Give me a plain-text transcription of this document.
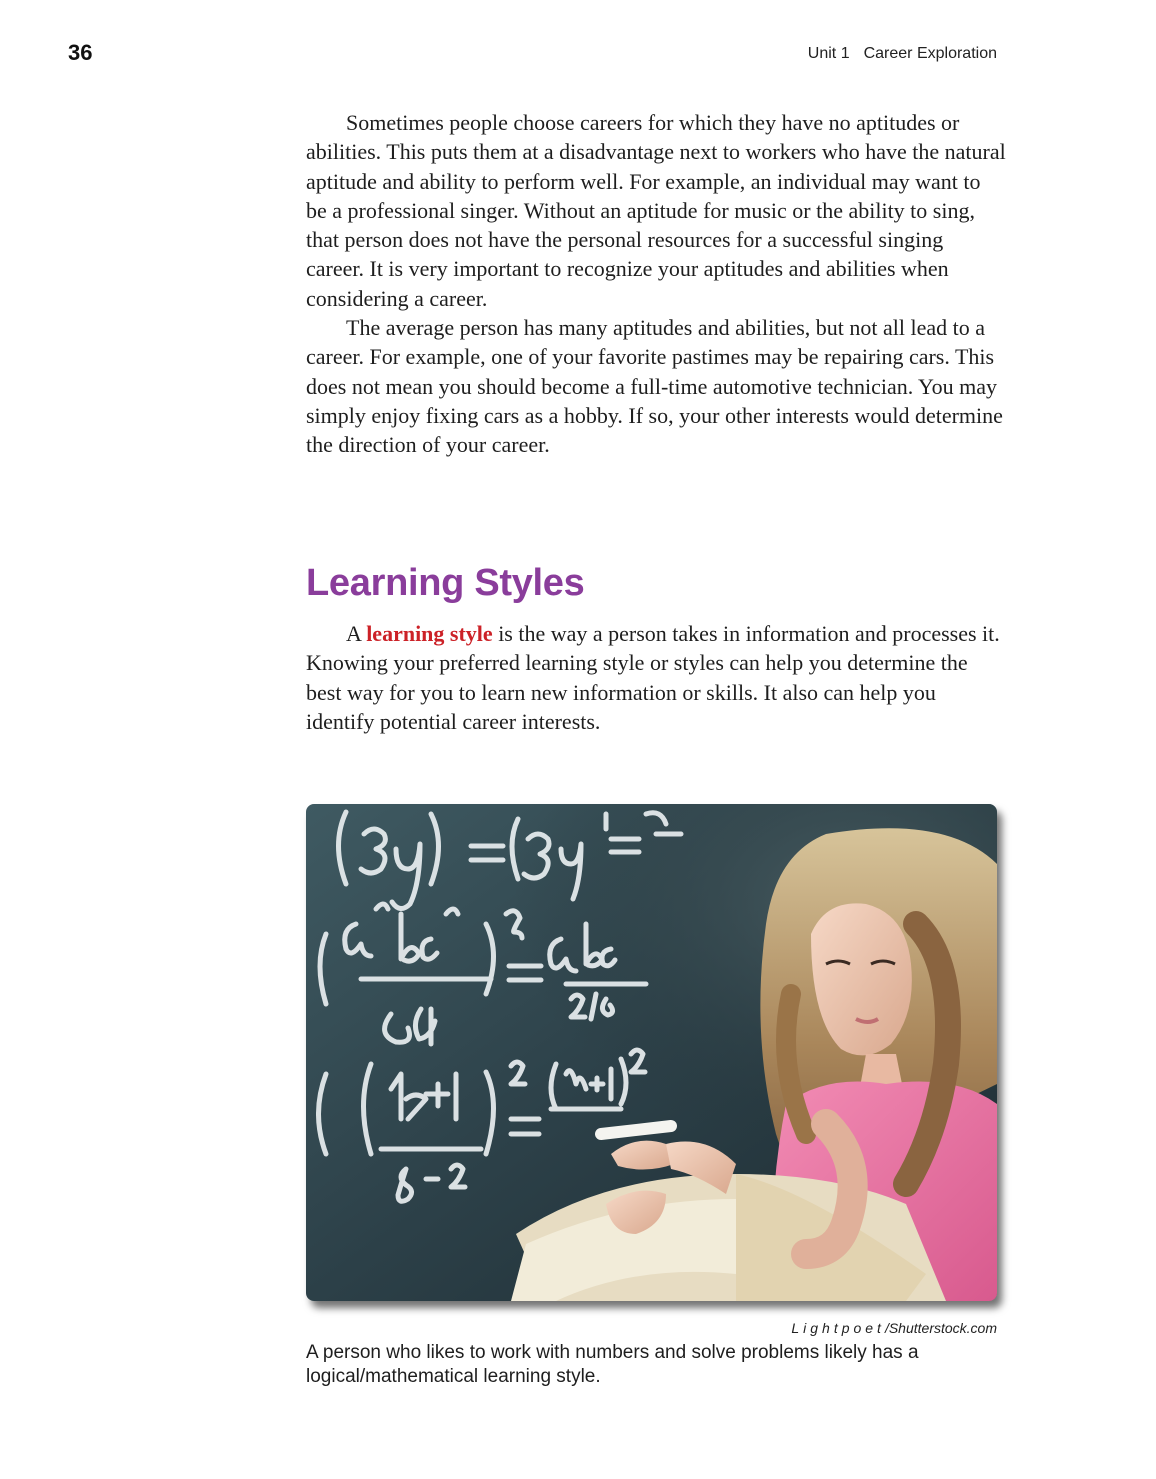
36	Unit 1 Career Exploration

Sometimes people choose careers for which they have no aptitudes or abilities. This puts them at a disadvantage next to workers who have the natural aptitude and ability to perform well. For example, an individual may want to be a professional singer. Without an aptitude for music or the ability to sing, that person does not have the personal resources for a successful singing career. It is very important to recognize your aptitudes and abilities when considering a career.

The average person has many aptitudes and abilities, but not all lead to a career. For example, one of your favorite pastimes may be repairing cars. This does not mean you should become a full-time automotive technician. You may simply enjoy fixing cars as a hobby. If so, your other interests would determine the direction of your career.

Learning Styles

A learning style is the way a person takes in information and processes it. Knowing your preferred learning style or styles can help you determine the best way for you to learn new information or skills. It also can help you identify potential career interests.

Lightpoet/Shutterstock.com
A person who likes to work with numbers and solve problems likely has a logical/mathematical learning style.
